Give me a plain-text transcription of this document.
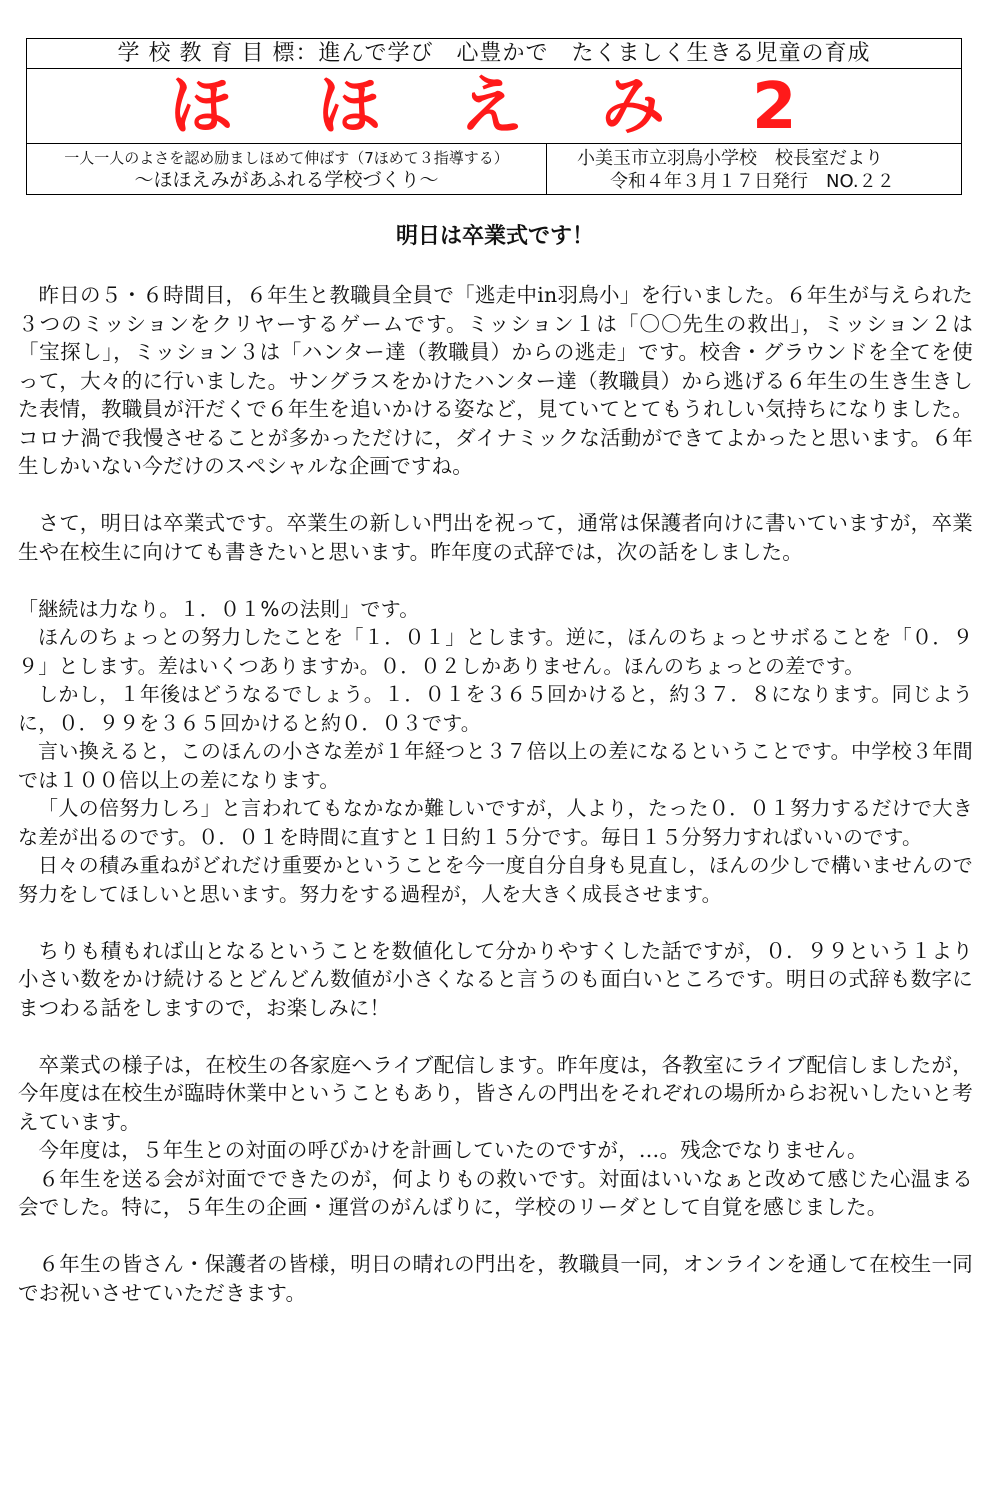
学 校 教 育 目 標：進んで学び　心豊かで　たくましく生きる児童の育成
ほ ほ え み 2
一人一人のよさを認め励ましほめて伸ばす（7ほめて３指導する）
～ほほえみがあふれる学校づくり～
小美玉市立羽鳥小学校　校長室だより
令和４年３月１７日発行　NO.２２
明日は卒業式です！

昨日の５・６時間目，６年生と教職員全員で「逃走中in羽鳥小」を行いました。６年生が与えられた３つのミッションをクリヤーするゲームです。ミッション１は「〇〇先生の救出」，ミッション２は「宝探し」，ミッション３は「ハンター達（教職員）からの逃走」です。校舎・グラウンドを全てを使って，大々的に行いました。サングラスをかけたハンター達（教職員）から逃げる６年生の生き生きした表情，教職員が汗だくで６年生を追いかける姿など，見ていてとてもうれしい気持ちになりました。コロナ渦で我慢させることが多かっただけに，ダイナミックな活動ができてよかったと思います。６年生しかいない今だけのスペシャルな企画ですね。

さて，明日は卒業式です。卒業生の新しい門出を祝って，通常は保護者向けに書いていますが，卒業生や在校生に向けても書きたいと思います。昨年度の式辞では，次の話をしました。

「継続は力なり。１．０１%の法則」です。

ほんのちょっとの努力したことを「１．０１」とします。逆に，ほんのちょっとサボることを「０．９９」とします。差はいくつありますか。０．０２しかありません。ほんのちょっとの差です。

しかし，１年後はどうなるでしょう。１．０１を３６５回かけると，約３７．８になります。同じように，０．９９を３６５回かけると約０．０３です。

言い換えると，このほんの小さな差が１年経つと３７倍以上の差になるということです。中学校３年間では１００倍以上の差になります。

「人の倍努力しろ」と言われてもなかなか難しいですが，人より，たった０．０１努力するだけで大きな差が出るのです。０．０１を時間に直すと１日約１５分です。毎日１５分努力すればいいのです。

日々の積み重ねがどれだけ重要かということを今一度自分自身も見直し，ほんの少しで構いませんので努力をしてほしいと思います。努力をする過程が，人を大きく成長させます。

ちりも積もれば山となるということを数値化して分かりやすくした話ですが，０．９９という１より小さい数をかけ続けるとどんどん数値が小さくなると言うのも面白いところです。明日の式辞も数字にまつわる話をしますので，お楽しみに！

卒業式の様子は，在校生の各家庭へライブ配信します。昨年度は，各教室にライブ配信しましたが，今年度は在校生が臨時休業中ということもあり，皆さんの門出をそれぞれの場所からお祝いしたいと考えています。

今年度は，５年生との対面の呼びかけを計画していたのですが，…。残念でなりません。

６年生を送る会が対面でできたのが，何よりもの救いです。対面はいいなぁと改めて感じた心温まる会でした。特に，５年生の企画・運営のがんばりに，学校のリーダとして自覚を感じました。

６年生の皆さん・保護者の皆様，明日の晴れの門出を，教職員一同，オンラインを通して在校生一同でお祝いさせていただきます。
